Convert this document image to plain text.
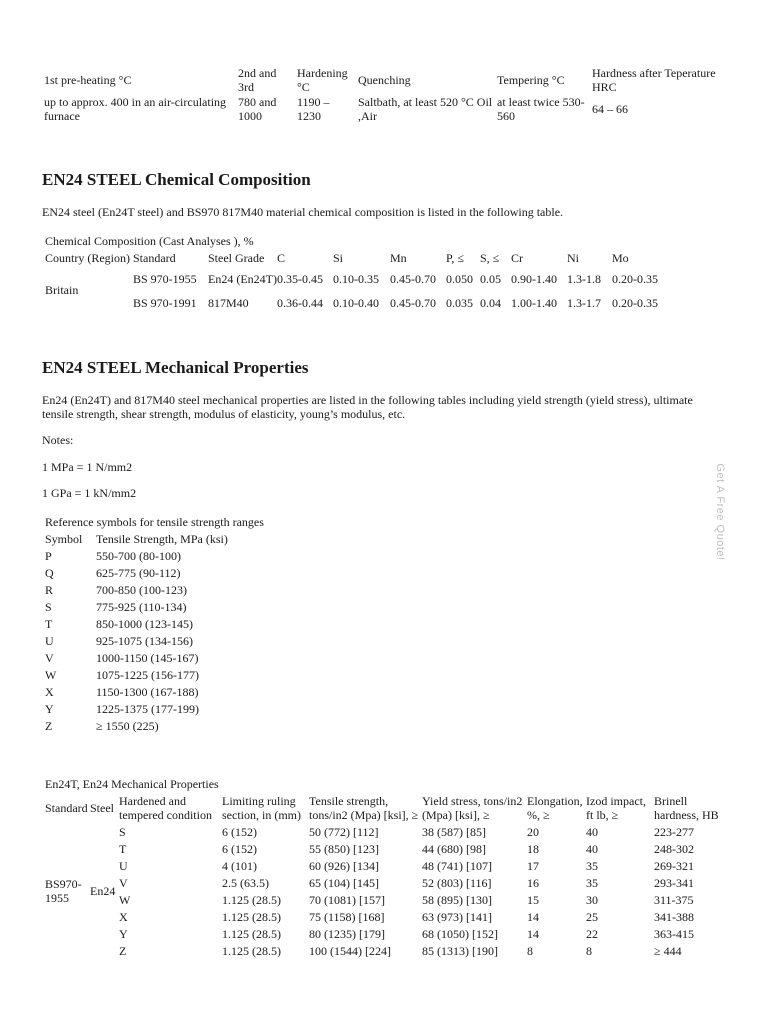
1st pre-heating °C	2nd and 3rd	Hardening °C	Quenching	Tempering °C	Hardness after Teperature HRC
up to approx. 400 in an air-circulating furnace	780 and 1000	1190 – 1230	Saltbath, at least 520 °C Oil ,Air	at least twice 530-560	64 – 66
EN24 STEEL Chemical Composition

EN24 steel (En24T steel) and BS970 817M40 material chemical composition is listed in the following table.

Chemical Composition (Cast Analyses ), %
Country (Region)	Standard	Steel Grade	C	Si	Mn	P, ≤	S, ≤	Cr	Ni	Mo
Britain	BS 970-1955	En24 (En24T)	0.35-0.45	0.10-0.35	0.45-0.70	0.050	0.05	0.90-1.40	1.3-1.8	0.20-0.35
	BS 970-1991	817M40	0.36-0.44	0.10-0.40	0.45-0.70	0.035	0.04	1.00-1.40	1.3-1.7	0.20-0.35
EN24 STEEL Mechanical Properties

En24 (En24T) and 817M40 steel mechanical properties are listed in the following tables including yield strength (yield stress), ultimate tensile strength, shear strength, modulus of elasticity, young’s modulus, etc.

Notes:

1 MPa = 1 N/mm2

1 GPa = 1 kN/mm2

Reference symbols for tensile strength ranges
Symbol	Tensile Strength, MPa (ksi)
P	550-700 (80-100)
Q	625-775 (90-112)
R	700-850 (100-123)
S	775-925 (110-134)
T	850-1000 (123-145)
U	925-1075 (134-156)
V	1000-1150 (145-167)
W	1075-1225 (156-177)
X	1150-1300 (167-188)
Y	1225-1375 (177-199)
Z	≥ 1550 (225)
En24T, En24 Mechanical Properties
Standard	Steel	Hardened and tempered condition	Limiting ruling section, in (mm)	Tensile strength, tons/in2 (Mpa) [ksi], ≥	Yield stress, tons/in2 (Mpa) [ksi], ≥	Elongation, %, ≥	Izod impact, ft lb, ≥	Brinell hardness, HB
BS970-1955	En24	S	6 (152)	50 (772) [112]	38 (587) [85]	20	40	223-277
		T	6 (152)	55 (850) [123]	44 (680) [98]	18	40	248-302
		U	4 (101)	60 (926) [134]	48 (741) [107]	17	35	269-321
		V	2.5 (63.5)	65 (104) [145]	52 (803) [116]	16	35	293-341
		W	1.125 (28.5)	70 (1081) [157]	58 (895) [130]	15	30	311-375
		X	1.125 (28.5)	75 (1158) [168]	63 (973) [141]	14	25	341-388
		Y	1.125 (28.5)	80 (1235) [179]	68 (1050) [152]	14	22	363-415
		Z	1.125 (28.5)	100 (1544) [224]	85 (1313) [190]	8	8	≥ 444
Get A Free Quote!
